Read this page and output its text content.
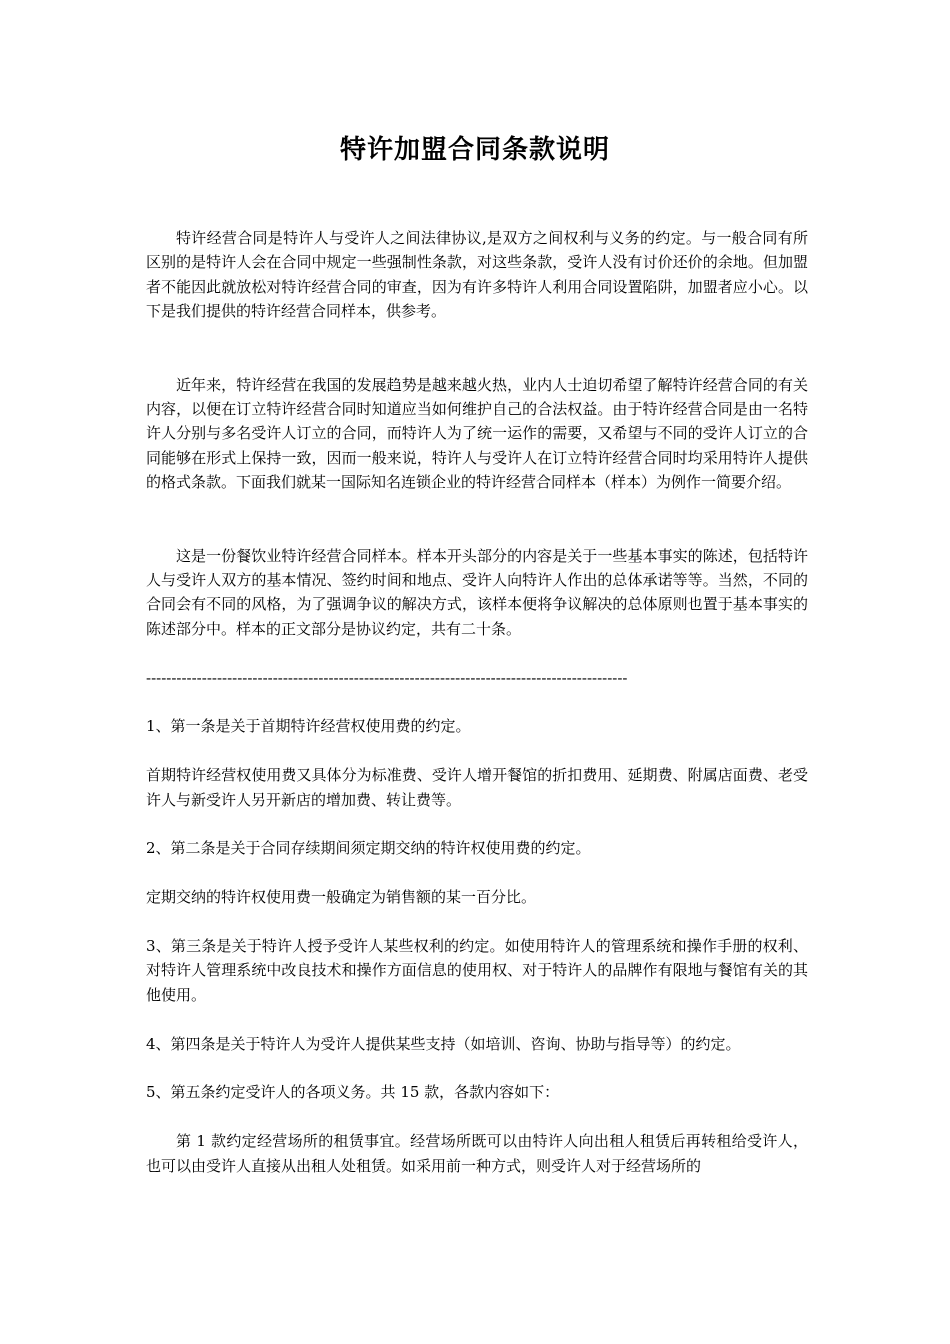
特许加盟合同条款说明

特许经营合同是特许人与受许人之间法律协议,是双方之间权利与义务的约定。与一般合同有所区别的是特许人会在合同中规定一些强制性条款，对这些条款，受许人没有讨价还价的余地。但加盟者不能因此就放松对特许经营合同的审查，因为有许多特许人利用合同设置陷阱，加盟者应小心。以下是我们提供的特许经营合同样本，供参考。

近年来，特许经营在我国的发展趋势是越来越火热，业内人士迫切希望了解特许经营合同的有关内容，以便在订立特许经营合同时知道应当如何维护自己的合法权益。由于特许经营合同是由一名特许人分别与多名受许人订立的合同，而特许人为了统一运作的需要，又希望与不同的受许人订立的合同能够在形式上保持一致，因而一般来说，特许人与受许人在订立特许经营合同时均采用特许人提供的格式条款。下面我们就某一国际知名连锁企业的特许经营合同样本（样本）为例作一简要介绍。

这是一份餐饮业特许经营合同样本。样本开头部分的内容是关于一些基本事实的陈述，包括特许人与受许人双方的基本情况、签约时间和地点、受许人向特许人作出的总体承诺等等。当然，不同的合同会有不同的风格，为了强调争议的解决方式，该样本便将争议解决的总体原则也置于基本事实的陈述部分中。样本的正文部分是协议约定，共有二十条。

-----------------------------------------------------------------------------------------------

1、第一条是关于首期特许经营权使用费的约定。

首期特许经营权使用费又具体分为标准费、受许人增开餐馆的折扣费用、延期费、附属店面费、老受许人与新受许人另开新店的增加费、转让费等。

2、第二条是关于合同存续期间须定期交纳的特许权使用费的约定。

定期交纳的特许权使用费一般确定为销售额的某一百分比。

3、第三条是关于特许人授予受许人某些权利的约定。如使用特许人的管理系统和操作手册的权利、对特许人管理系统中改良技术和操作方面信息的使用权、对于特许人的品牌作有限地与餐馆有关的其他使用。

4、第四条是关于特许人为受许人提供某些支持（如培训、咨询、协助与指导等）的约定。

5、第五条约定受许人的各项义务。共 15 款，各款内容如下：

第 1 款约定经营场所的租赁事宜。经营场所既可以由特许人向出租人租赁后再转租给受许人，也可以由受许人直接从出租人处租赁。如采用前一种方式，则受许人对于经营场所的
